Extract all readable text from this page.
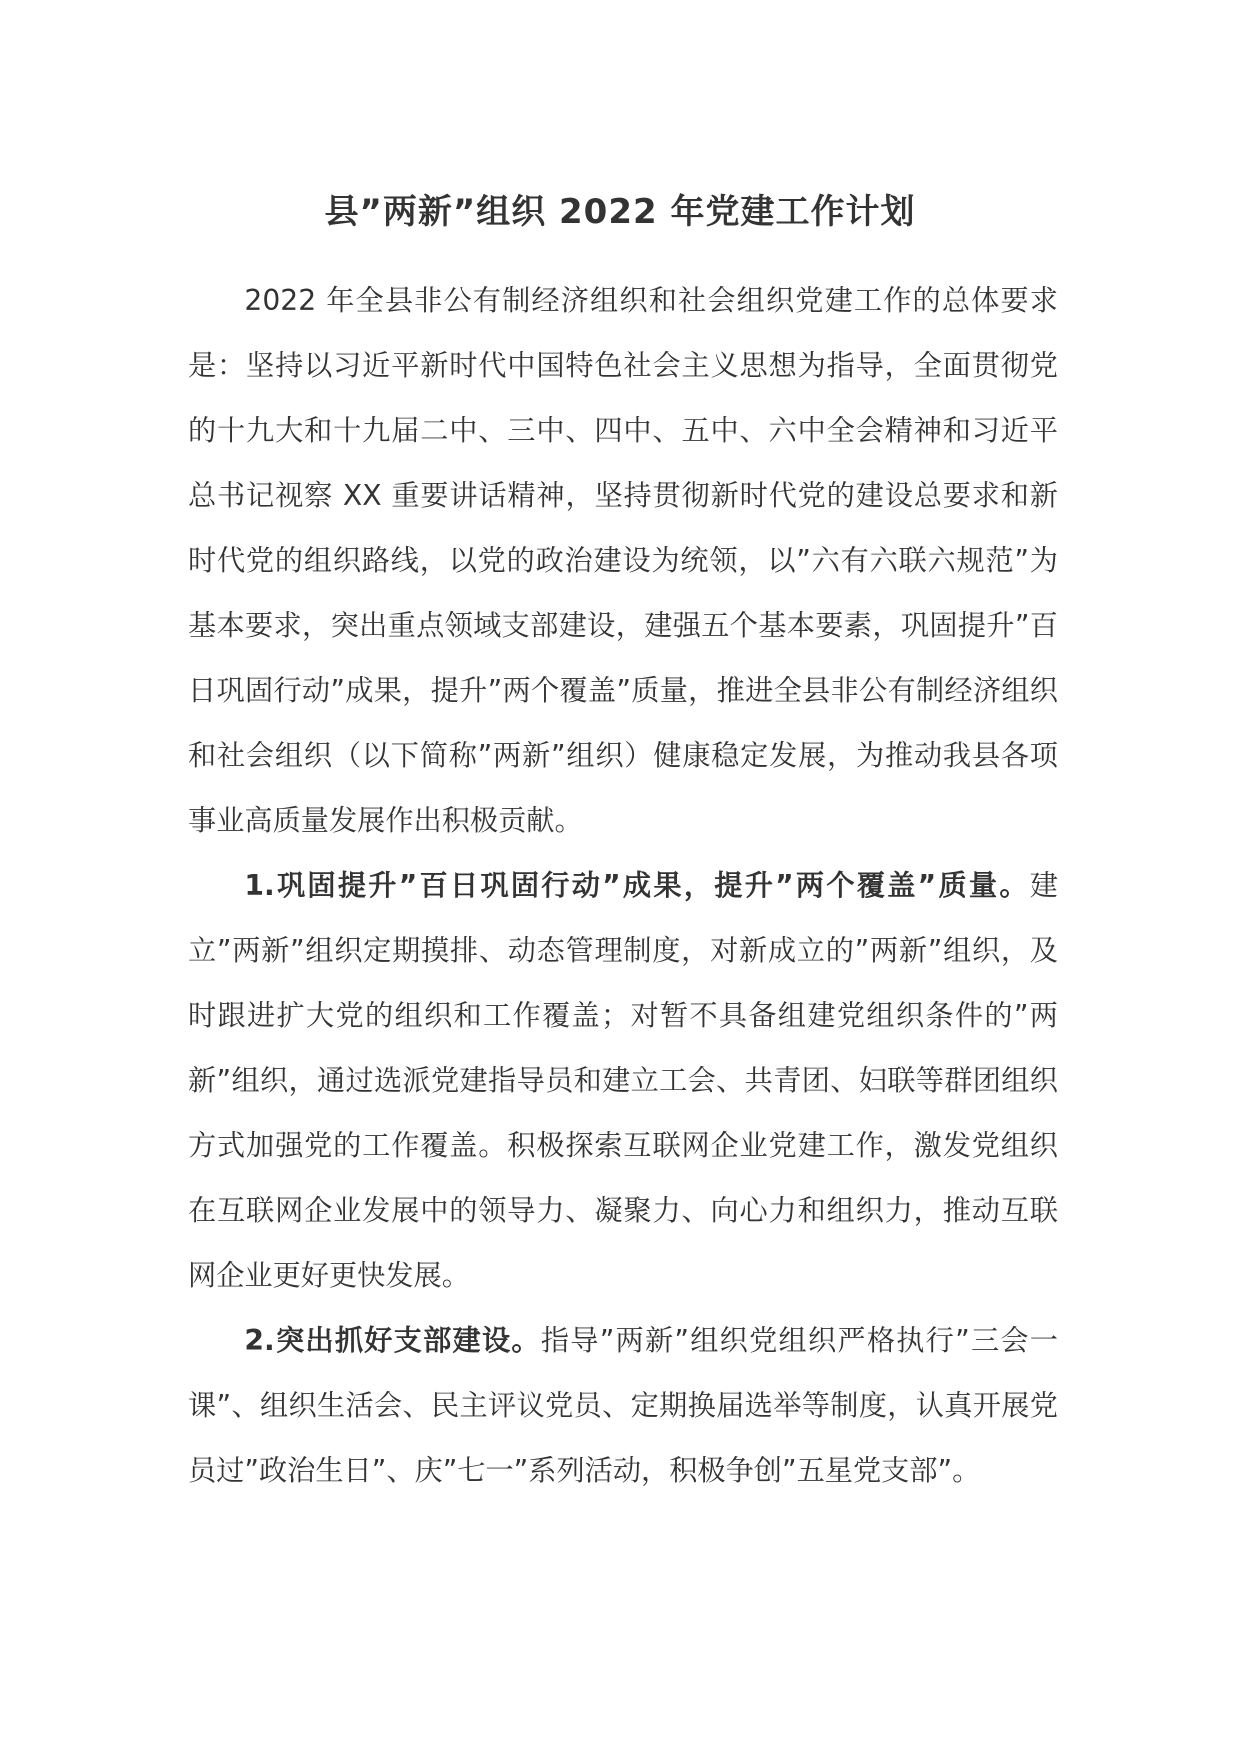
县”两新”组织 2022 年党建工作计划

2022 年全县非公有制经济组织和社会组织党建工作的总体要求是：坚持以习近平新时代中国特色社会主义思想为指导，全面贯彻党的十九大和十九届二中、三中、四中、五中、六中全会精神和习近平总书记视察 XX 重要讲话精神，坚持贯彻新时代党的建设总要求和新时代党的组织路线，以党的政治建设为统领，以”六有六联六规范”为基本要求，突出重点领域支部建设，建强五个基本要素，巩固提升”百日巩固行动”成果，提升”两个覆盖”质量，推进全县非公有制经济组织和社会组织（以下简称”两新”组织）健康稳定发展，为推动我县各项事业高质量发展作出积极贡献。

1.巩固提升”百日巩固行动”成果，提升”两个覆盖”质量。建立”两新”组织定期摸排、动态管理制度，对新成立的”两新”组织，及时跟进扩大党的组织和工作覆盖；对暂不具备组建党组织条件的”两新”组织，通过选派党建指导员和建立工会、共青团、妇联等群团组织方式加强党的工作覆盖。积极探索互联网企业党建工作，激发党组织在互联网企业发展中的领导力、凝聚力、向心力和组织力，推动互联网企业更好更快发展。

2.突出抓好支部建设。指导”两新”组织党组织严格执行”三会一课”、组织生活会、民主评议党员、定期换届选举等制度，认真开展党员过”政治生日”、庆”七一”系列活动，积极争创”五星党支部”。
